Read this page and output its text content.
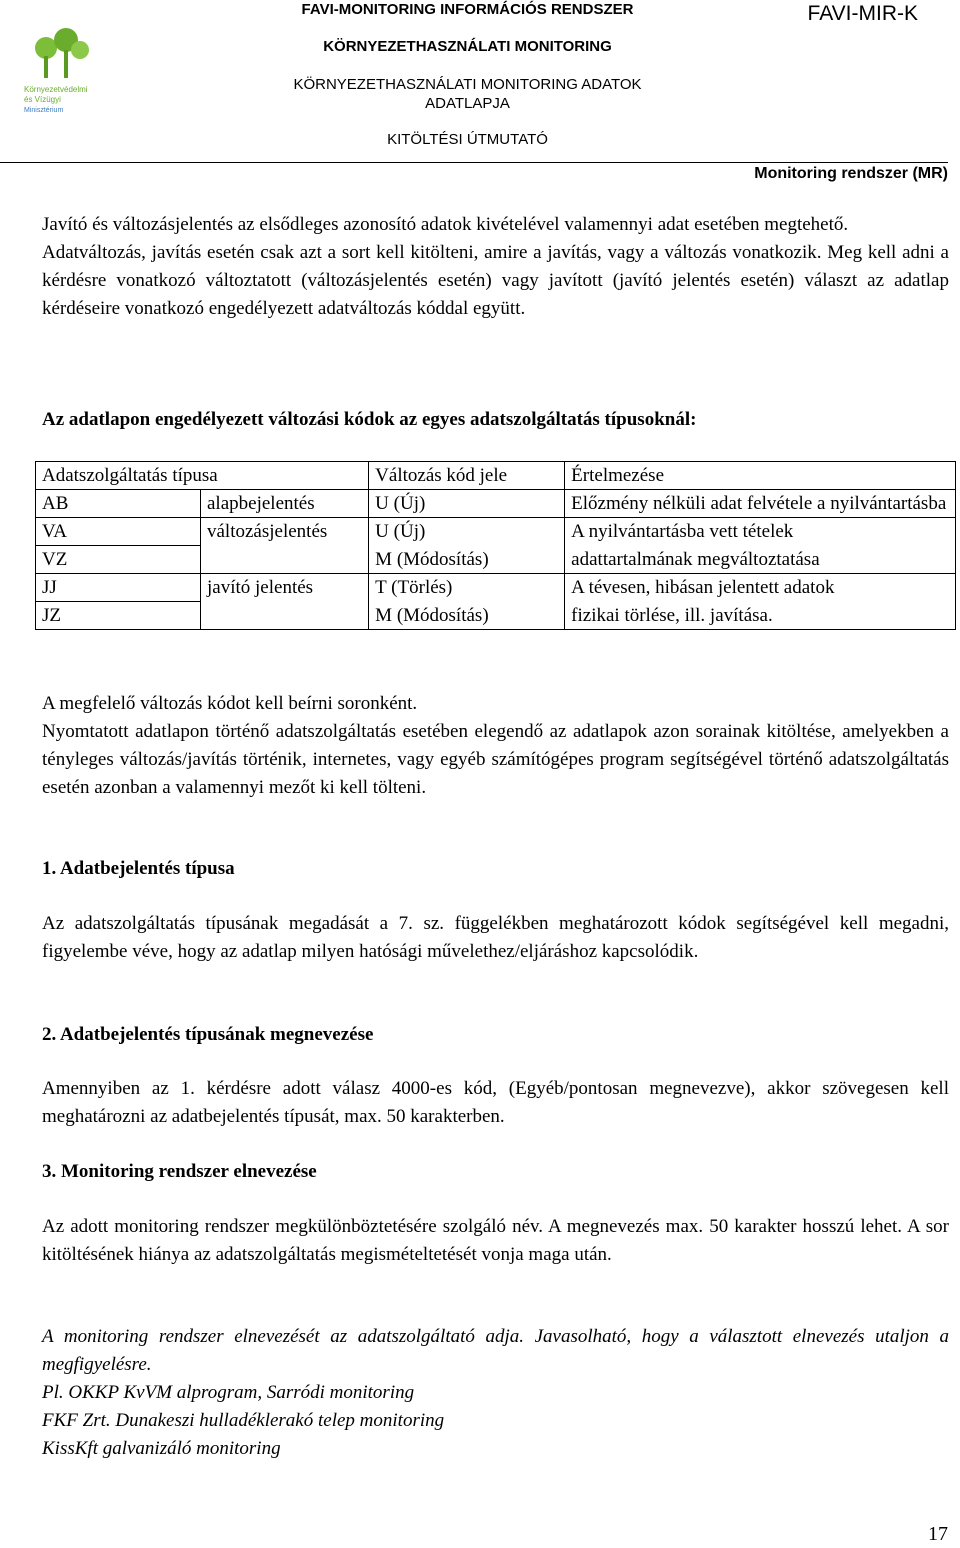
Környezetvédelmi
és Vízügyi
Minisztérium
FAVI-MONITORING INFORMÁCIÓS RENDSZER
KÖRNYEZETHASZNÁLATI MONITORING
KÖRNYEZETHASZNÁLATI MONITORING ADATOK
ADATLAPJA
KITÖLTÉSI ÚTMUTATÓ
FAVI-MIR-K
Monitoring rendszer (MR)

Javító és változásjelentés az elsődleges azonosító adatok kivételével valamennyi adat esetében megtehető.

Adatváltozás, javítás esetén csak azt a sort kell kitölteni, amire a javítás, vagy a változás vonatkozik. Meg kell adni a kérdésre vonatkozó változtatott (változásjelentés esetén) vagy javított (javító jelentés esetén) választ az adatlap kérdéseire vonatkozó engedélyezett adatváltozás kóddal együtt.

Az adatlapon engedélyezett változási kódok az egyes adatszolgáltatás típusoknál:
Adatszolgáltatás típusa		Változás kód jele	Értelmezése
AB	alapbejelentés	U (Új)	Előzmény nélküli adat felvétele a nyilvántartásba
VA	változásjelentés	U (Új)	A nyilvántartásba vett tételek
VZ		M (Módosítás)	adattartalmának megváltoztatása
JJ	javító jelentés	T (Törlés)	A tévesen, hibásan jelentett adatok
JZ		M (Módosítás)	fizikai törlése, ill. javítása.

A megfelelő változás kódot kell beírni soronként.

Nyomtatott adatlapon történő adatszolgáltatás esetében elegendő az adatlapok azon sorainak kitöltése, amelyekben a tényleges változás/javítás történik, internetes, vagy egyéb számítógépes program segítségével történő adatszolgáltatás esetén azonban a valamennyi mezőt ki kell tölteni.

1. Adatbejelentés típusa

Az adatszolgáltatás típusának megadását a 7. sz. függelékben meghatározott kódok segítségével kell megadni, figyelembe véve, hogy az adatlap milyen hatósági művelethez/eljáráshoz kapcsolódik.

2. Adatbejelentés típusának megnevezése

Amennyiben az 1. kérdésre adott válasz 4000-es kód, (Egyéb/pontosan megnevezve), akkor szövegesen kell meghatározni az adatbejelentés típusát, max. 50 karakterben.

3. Monitoring rendszer elnevezése

Az adott monitoring rendszer megkülönböztetésére szolgáló név. A megnevezés max. 50 karakter hosszú lehet. A sor kitöltésének hiánya az adatszolgáltatás megismételtetését vonja maga után.

A monitoring rendszer elnevezését az adatszolgáltató adja. Javasolható, hogy a választott elnevezés utaljon a megfigyelésre.

Pl. OKKP KvVM alprogram, Sarródi monitoring
FKF Zrt. Dunakeszi hulladéklerakó telep monitoring
KissKft galvanizáló monitoring
17
